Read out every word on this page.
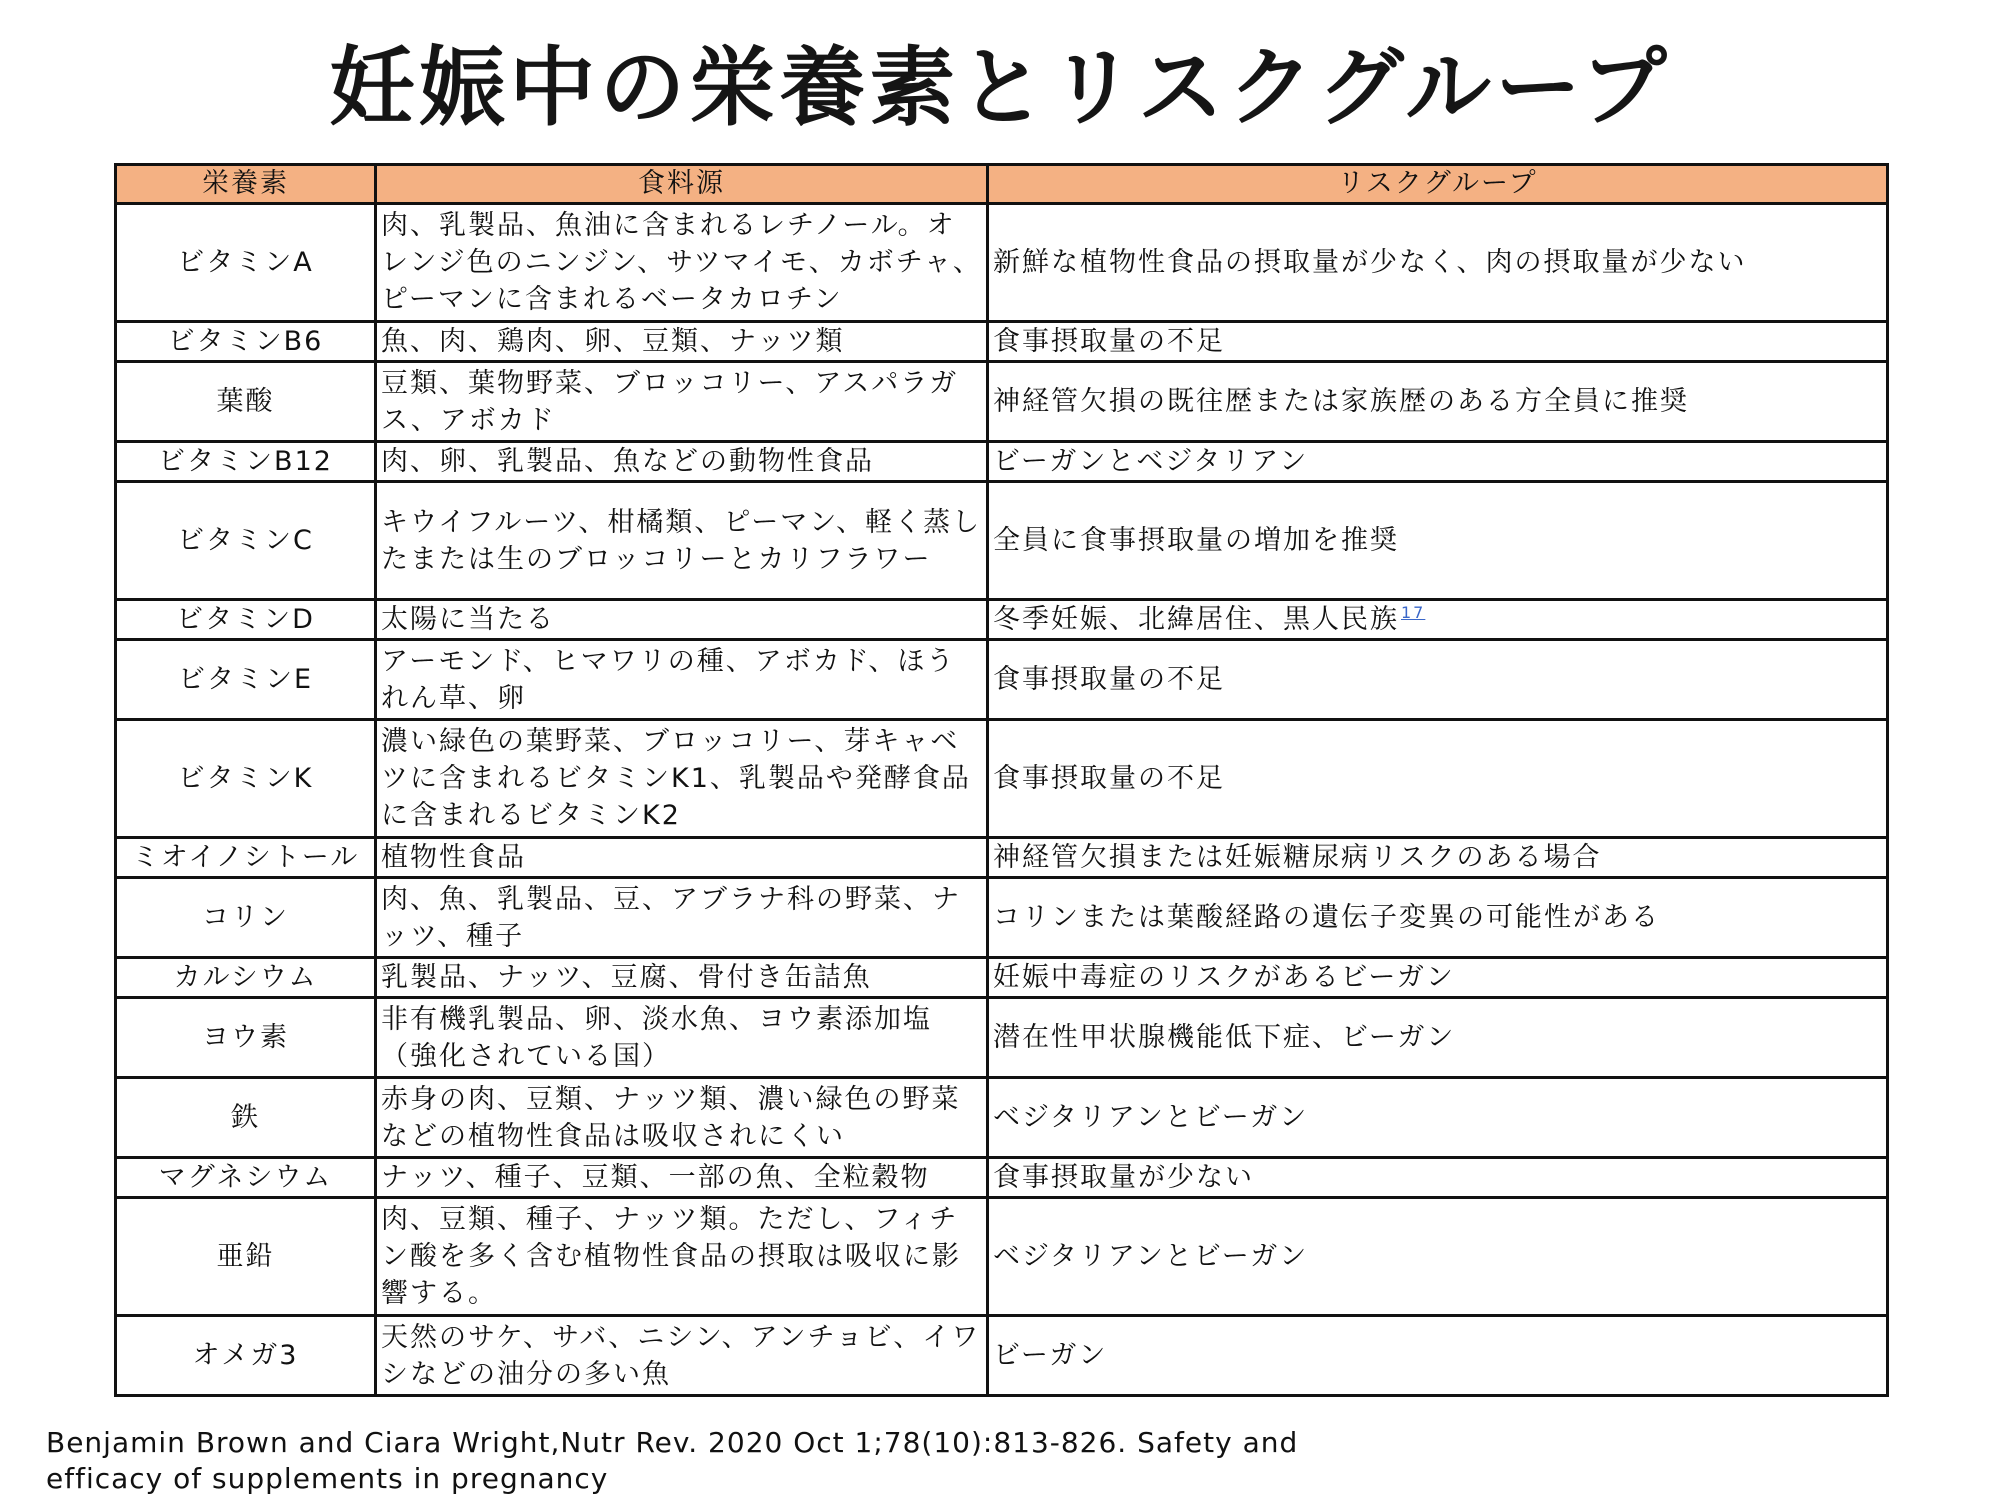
妊娠中の栄養素とリスクグループ
栄養素	食料源	リスクグループ
ビタミンA	肉、乳製品、魚油に含まれるレチノール。オレンジ色のニンジン、サツマイモ、カボチャ、ピーマンに含まれるベータカロチン	新鮮な植物性食品の摂取量が少なく、肉の摂取量が少ない
ビタミンB6	魚、肉、鶏肉、卵、豆類、ナッツ類	食事摂取量の不足
葉酸	豆類、葉物野菜、ブロッコリー、アスパラガス、アボカド	神経管欠損の既往歴または家族歴のある方全員に推奨
ビタミンB12	肉、卵、乳製品、魚などの動物性食品	ビーガンとベジタリアン
ビタミンC	キウイフルーツ、柑橘類、ピーマン、軽く蒸したまたは生のブロッコリーとカリフラワー	全員に食事摂取量の増加を推奨
ビタミンD	太陽に当たる	冬季妊娠、北緯居住、黒人民族 $^{17}$
ビタミンE	アーモンド、ヒマワリの種、アボカド、ほうれん草、卵	食事摂取量の不足
ビタミンK	濃い緑色の葉野菜、ブロッコリー、芽キャベツに含まれるビタミンK1、乳製品や発酵食品に含まれるビタミンK2	食事摂取量の不足
ミオイノシトール	植物性食品	神経管欠損または妊娠糖尿病リスクのある場合
コリン	肉、魚、乳製品、豆、アブラナ科の野菜、ナッツ、種子	コリンまたは葉酸経路の遺伝子変異の可能性がある
カルシウム	乳製品、ナッツ、豆腐、骨付き缶詰魚	妊娠中毒症のリスクがあるビーガン
ヨウ素	非有機乳製品、卵、淡水魚、ヨウ素添加塩（強化されている国）	潜在性甲状腺機能低下症、ビーガン
鉄	赤身の肉、豆類、ナッツ類、濃い緑色の野菜などの植物性食品は吸収されにくい	ベジタリアンとビーガン
マグネシウム	ナッツ、種子、豆類、一部の魚、全粒穀物	食事摂取量が少ない
亜鉛	肉、豆類、種子、ナッツ類。ただし、フィチン酸を多く含む植物性食品の摂取は吸収に影響する。	ベジタリアンとビーガン
オメガ3	天然のサケ、サバ、ニシン、アンチョビ、イワシなどの油分の多い魚	ビーガン
Benjamin Brown and Ciara Wright,Nutr Rev. 2020 Oct 1;78(10):813-826. Safety and efficacy of supplements in pregnancy
